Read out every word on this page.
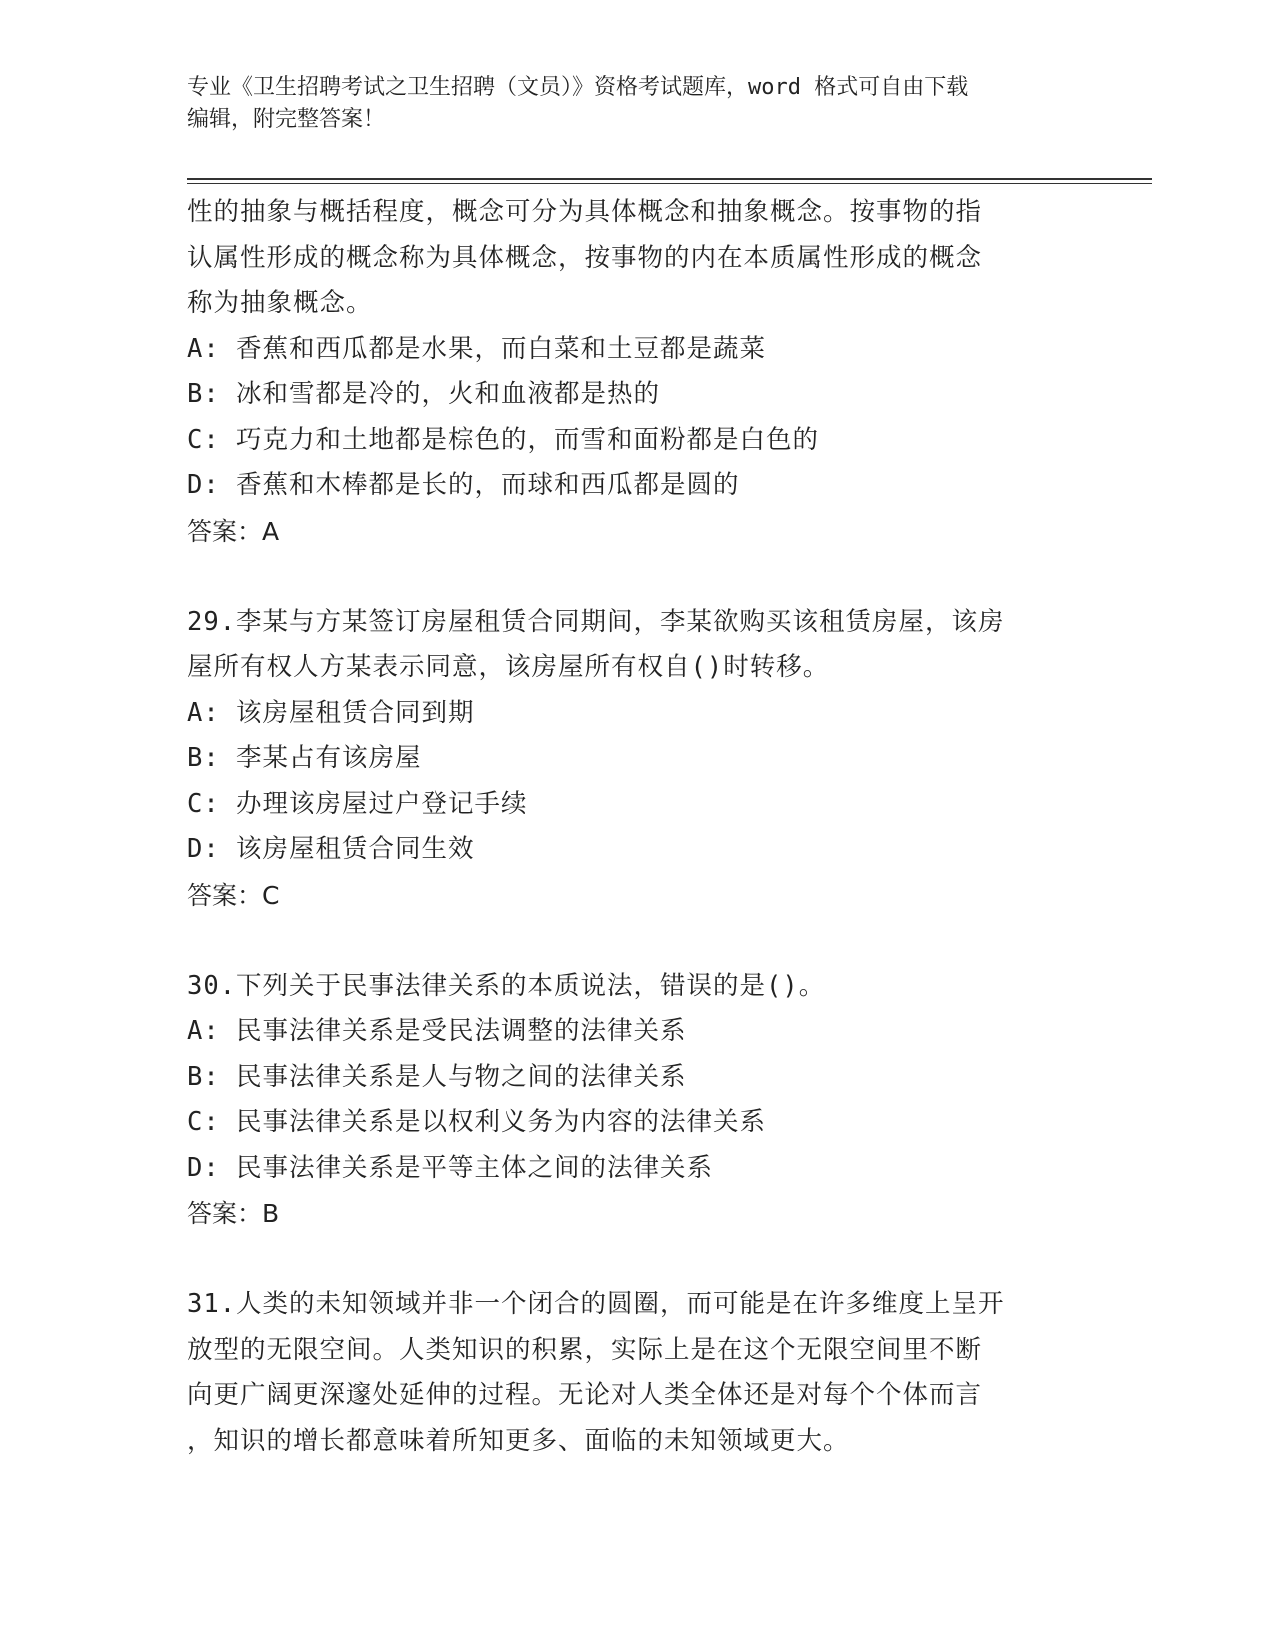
专业《卫生招聘考试之卫生招聘（文员）》资格考试题库，word 格式可自由下载
编辑，附完整答案！

性的抽象与概括程度，概念可分为具体概念和抽象概念。按事物的指

认属性形成的概念称为具体概念，按事物的内在本质属性形成的概念

称为抽象概念。

A: 香蕉和西瓜都是水果，而白菜和土豆都是蔬菜

B: 冰和雪都是冷的，火和血液都是热的

C: 巧克力和土地都是棕色的，而雪和面粉都是白色的

D: 香蕉和木棒都是长的，而球和西瓜都是圆的

答案：A

29.李某与方某签订房屋租赁合同期间，李某欲购买该租赁房屋，该房

屋所有权人方某表示同意，该房屋所有权自()时转移。

A: 该房屋租赁合同到期

B: 李某占有该房屋

C: 办理该房屋过户登记手续

D: 该房屋租赁合同生效

答案：C

30.下列关于民事法律关系的本质说法，错误的是()。

A: 民事法律关系是受民法调整的法律关系

B: 民事法律关系是人与物之间的法律关系

C: 民事法律关系是以权利义务为内容的法律关系

D: 民事法律关系是平等主体之间的法律关系

答案：B

31.人类的未知领域并非一个闭合的圆圈，而可能是在许多维度上呈开

放型的无限空间。人类知识的积累，实际上是在这个无限空间里不断

向更广阔更深邃处延伸的过程。无论对人类全体还是对每个个体而言

，知识的增长都意味着所知更多、面临的未知领域更大。
